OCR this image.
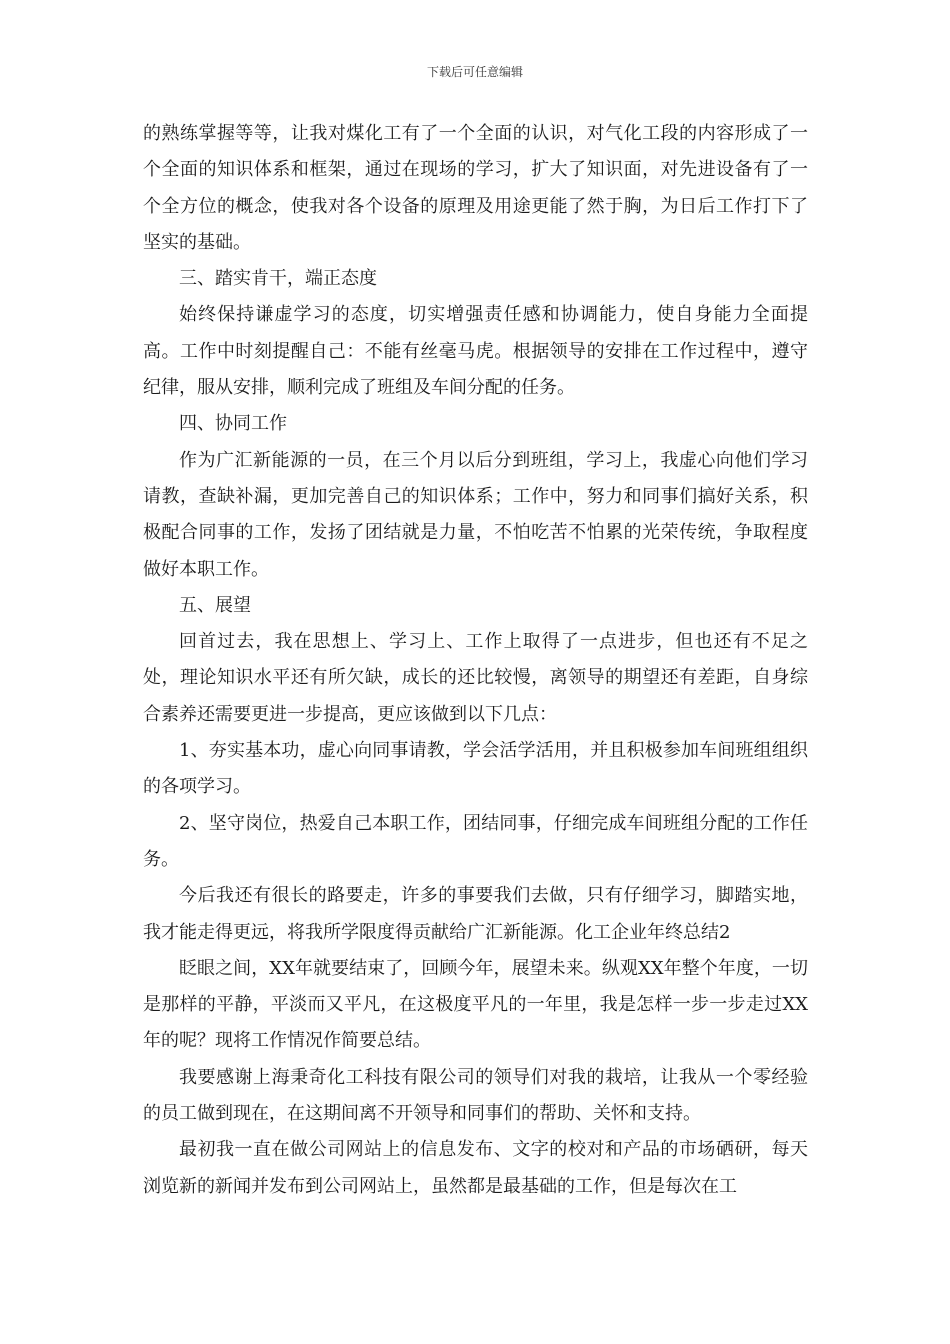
下载后可任意编辑

的熟练掌握等等，让我对煤化工有了一个全面的认识，对气化工段的内容形成了一个全面的知识体系和框架，通过在现场的学习，扩大了知识面，对先进设备有了一个全方位的概念，使我对各个设备的原理及用途更能了然于胸，为日后工作打下了坚实的基础。

三、踏实肯干，端正态度

始终保持谦虚学习的态度，切实增强责任感和协调能力，使自身能力全面提高。工作中时刻提醒自己：不能有丝毫马虎。根据领导的安排在工作过程中，遵守纪律，服从安排，顺利完成了班组及车间分配的任务。

四、协同工作

作为广汇新能源的一员，在三个月以后分到班组，学习上，我虚心向他们学习请教，查缺补漏，更加完善自己的知识体系；工作中，努力和同事们搞好关系，积极配合同事的工作，发扬了团结就是力量，不怕吃苦不怕累的光荣传统，争取程度做好本职工作。

五、展望

回首过去，我在思想上、学习上、工作上取得了一点进步，但也还有不足之处，理论知识水平还有所欠缺，成长的还比较慢，离领导的期望还有差距，自身综合素养还需要更进一步提高，更应该做到以下几点：

1、夯实基本功，虚心向同事请教，学会活学活用，并且积极参加车间班组组织的各项学习。

2、坚守岗位，热爱自己本职工作，团结同事，仔细完成车间班组分配的工作任务。

今后我还有很长的路要走，许多的事要我们去做，只有仔细学习，脚踏实地，我才能走得更远，将我所学限度得贡献给广汇新能源。化工企业年终总结2

眨眼之间，XX年就要结束了，回顾今年，展望未来。纵观XX年整个年度，一切是那样的平静，平淡而又平凡，在这极度平凡的一年里，我是怎样一步一步走过XX年的呢？现将工作情况作简要总结。

我要感谢上海秉奇化工科技有限公司的领导们对我的栽培，让我从一个零经验的员工做到现在，在这期间离不开领导和同事们的帮助、关怀和支持。

最初我一直在做公司网站上的信息发布、文字的校对和产品的市场硒研，每天浏览新的新闻并发布到公司网站上，虽然都是最基础的工作，但是每次在工
